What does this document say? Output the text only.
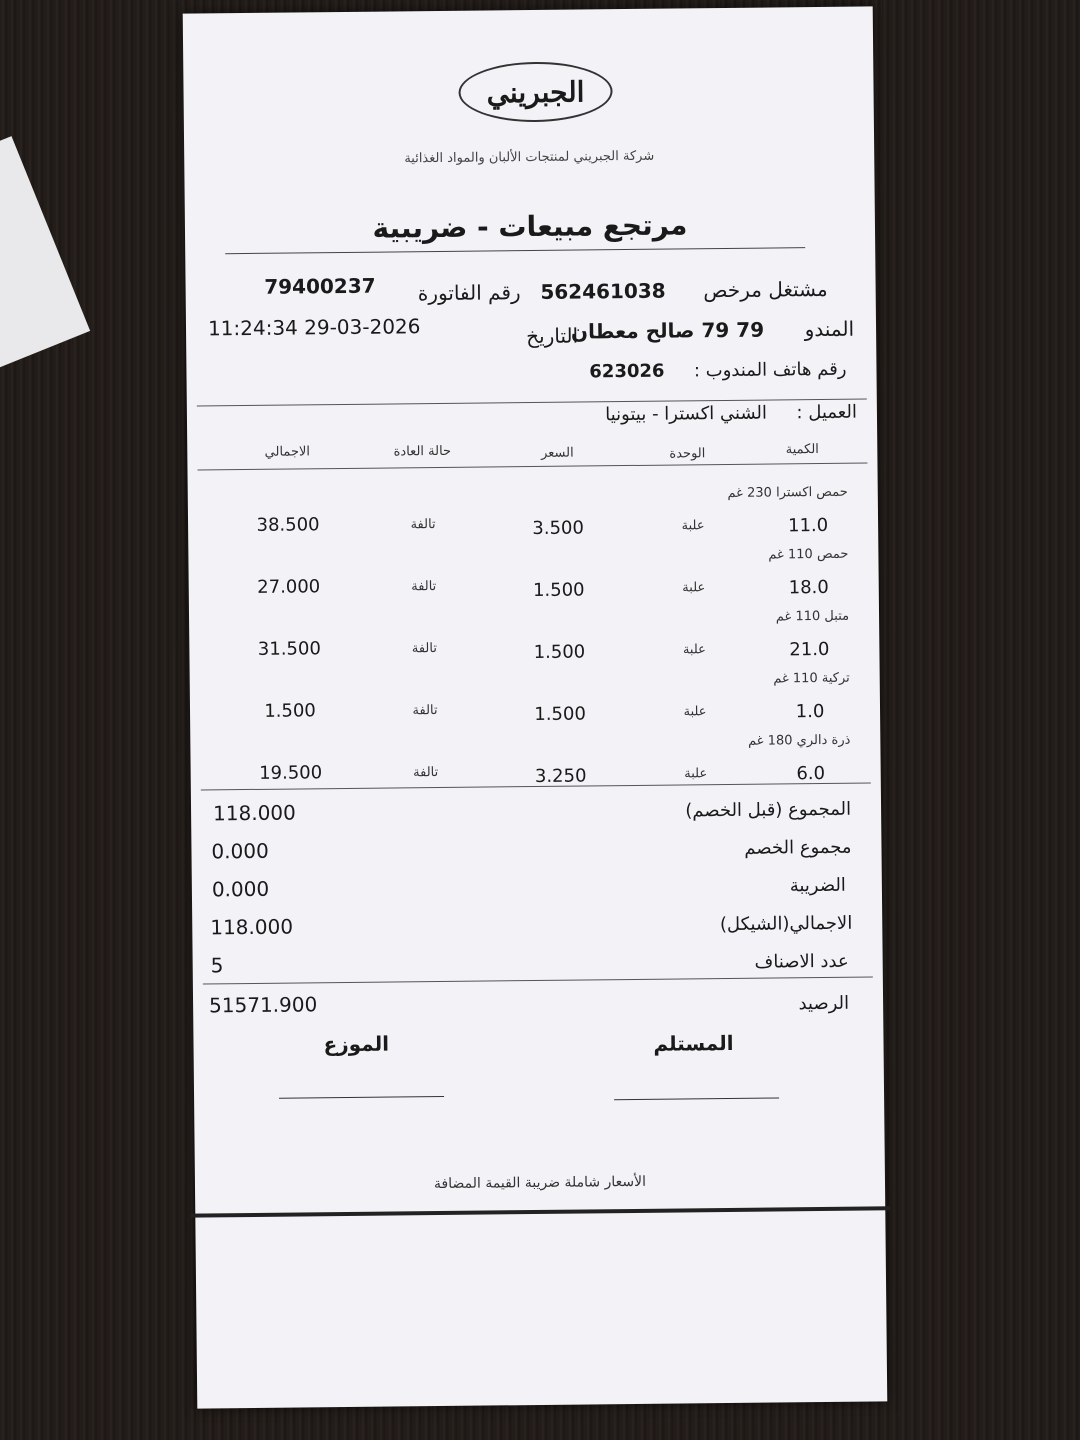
الجبريني
شركة الجبريني لمنتجات الألبان والمواد الغذائية
مرتجع مبيعات - ضريبية
مشتغل مرخص
562461038
رقم الفاتورة
79400237
المندو
79 79 صالح معطان
التاريخ
11:24:34 29-03-2026
رقم هاتف المندوب :
623026
العميل :
الشني اكسترا - بيتونيا
الكمية
الوحدة
السعر
حالة العادة
الاجمالي
حمص اكسترا 230 غم
11.0
علبة
3.500
تالفة
38.500
حمص 110 غم
18.0
علبة
1.500
تالفة
27.000
متبل 110 غم
21.0
علبة
1.500
تالفة
31.500
تركية 110 غم
1.0
علبة
1.500
تالفة
1.500
ذرة دالري 180 غم
6.0
علبة
3.250
تالفة
19.500
المجموع (قبل الخصم)
118.000
مجموع الخصم
0.000
الضريبة
0.000
الاجمالي(الشيكل)
118.000
عدد الاصناف
5
الرصيد
51571.900
المستلم
الموزع
الأسعار شاملة ضريبة القيمة المضافة
